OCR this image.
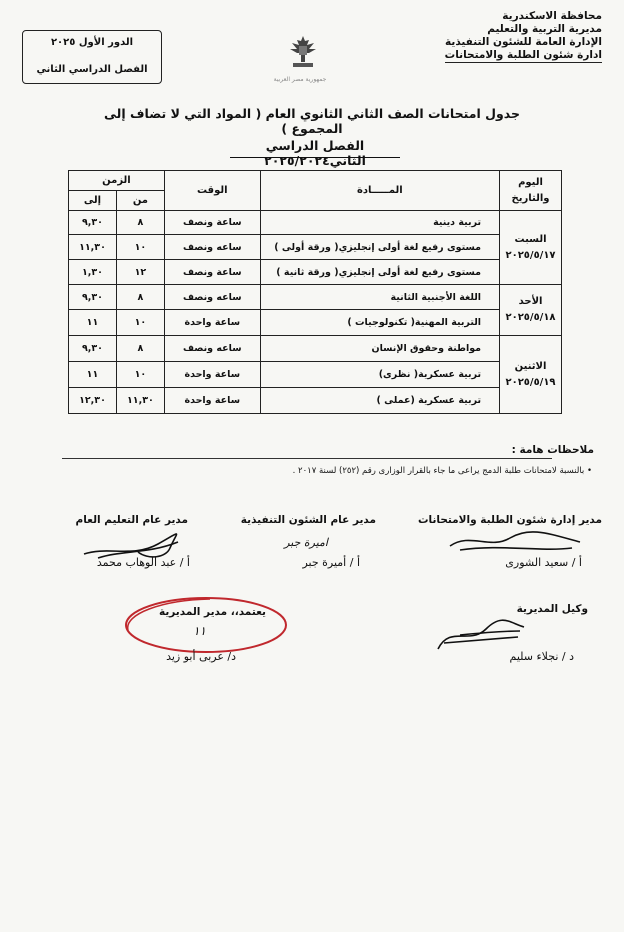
محافظة الاسكندرية
مديرية التربية والتعليم
الإدارة العامة للشئون التنفيذية
ادارة شئون الطلبة والامتحانات
جمهورية مصر العربية
الدور الأول ٢٠٢٥
الفصل الدراسي الثاني
جدول امتحانات الصف الثاني الثانوي العام ( المواد التي لا تضاف إلى المجموع )
الفصل الدراسي الثاني٢٠٢٥/٢٠٢٤
اليوم
والتاريخ	المـــــادة	الوقت	الزمن	
			من	إلى

السبت
٢٠٢٥/٥/١٧	تربية دينية	ساعة ونصف	٨	٩,٣٠
	مستوى رفيع لغة أولى إنجليزي( ورقة أولى )	ساعه ونصف	١٠	١١,٣٠
	مستوى رفيع لغة أولى إنجليزي( ورقة ثانية )	ساعة ونصف	١٢	١,٣٠

الأحد
٢٠٢٥/٥/١٨	اللغة الأجنبية الثانية	ساعه ونصف	٨	٩,٣٠
	التربية المهنية( تكنولوجيات )	ساعة واحدة	١٠	١١

الاثنين
٢٠٢٥/٥/١٩	مواطنة وحقوق الإنسان	ساعه ونصف	٨	٩,٣٠
	تربية عسكرية( نظرى)	ساعة واحدة	١٠	١١
	تربية عسكرية (عملى )	ساعة واحدة	١١,٣٠	١٢,٣٠
ملاحظات هامة :
• بالنسبة لامتحانات طلبة الدمج يراعى ما جاء بالقرار الوزارى رقم (٢٥٢) لسنة ٢٠١٧ .
مدير إدارة شئون الطلبة والامتحانات
أ / سعيد الشورى
مدير عام الشئون التنفيذية
اميرة جبر
أ / أميرة جبر
مدير عام التعليم العام
أ / عبد الوهاب محمد
وكيل المديرية
د / نجلاء سليم
يعتمد،، مدير المديرية
١١
د/ عربى أبو زيد
